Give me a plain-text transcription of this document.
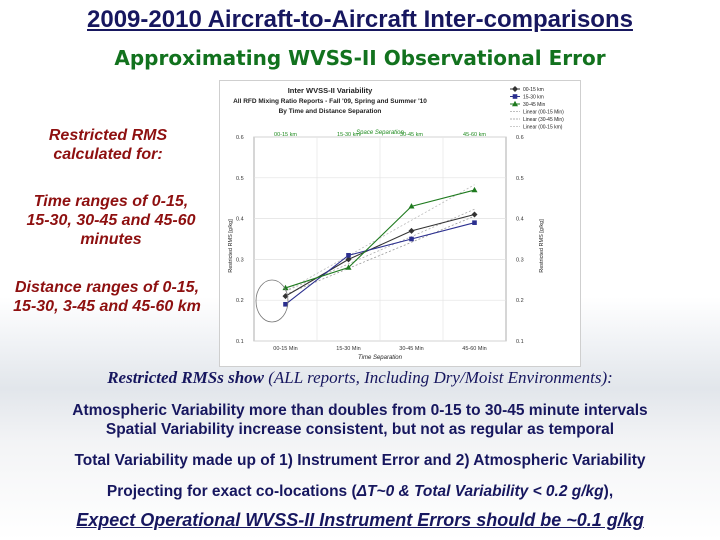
2009-2010 Aircraft-to-Aircraft Inter-comparisons
Approximating WVSS-II Observational Error
Restricted RMS calculated for:
Time ranges of 0-15, 15-30, 30-45 and 45-60 minutes
Distance ranges of 0-15, 15-30, 3-45 and 45-60 km
Inter WVSS-II Variability
All RFD Mixing Ratio Reports - Fall '09, Spring and Summer '10
By Time and Distance Separation
Space Separation
0.6	0.6
0.5	0.5
0.4	0.4
0.3	0.3
0.2	0.2
0.1	0.1
00-15 Min	15-30 Min	30-45 Min	45-60 Min
00-15 km	15-30 km	30-45 km	45-60 km
00-15 km
15-30 km
30-45 Min
Linear (00-15 Min)
Linear (30-45 Min)
Linear (00-15 km)
Restricted RMS [g/kg]	Restricted RMS [g/kg]
Time Separation
Restricted RMSs show (ALL reports, Including Dry/Moist Environments):
Atmospheric Variability more than doubles from 0-15 to 30-45 minute intervals
Spatial Variability increase consistent, but not as regular as temporal
Total Variability made up of 1) Instrument Error and 2) Atmospheric Variability
Projecting for exact co-locations (ΔT~0 & Total Variability < 0.2 g/kg),
Expect Operational WVSS-II Instrument Errors should be ~0.1 g/kg
